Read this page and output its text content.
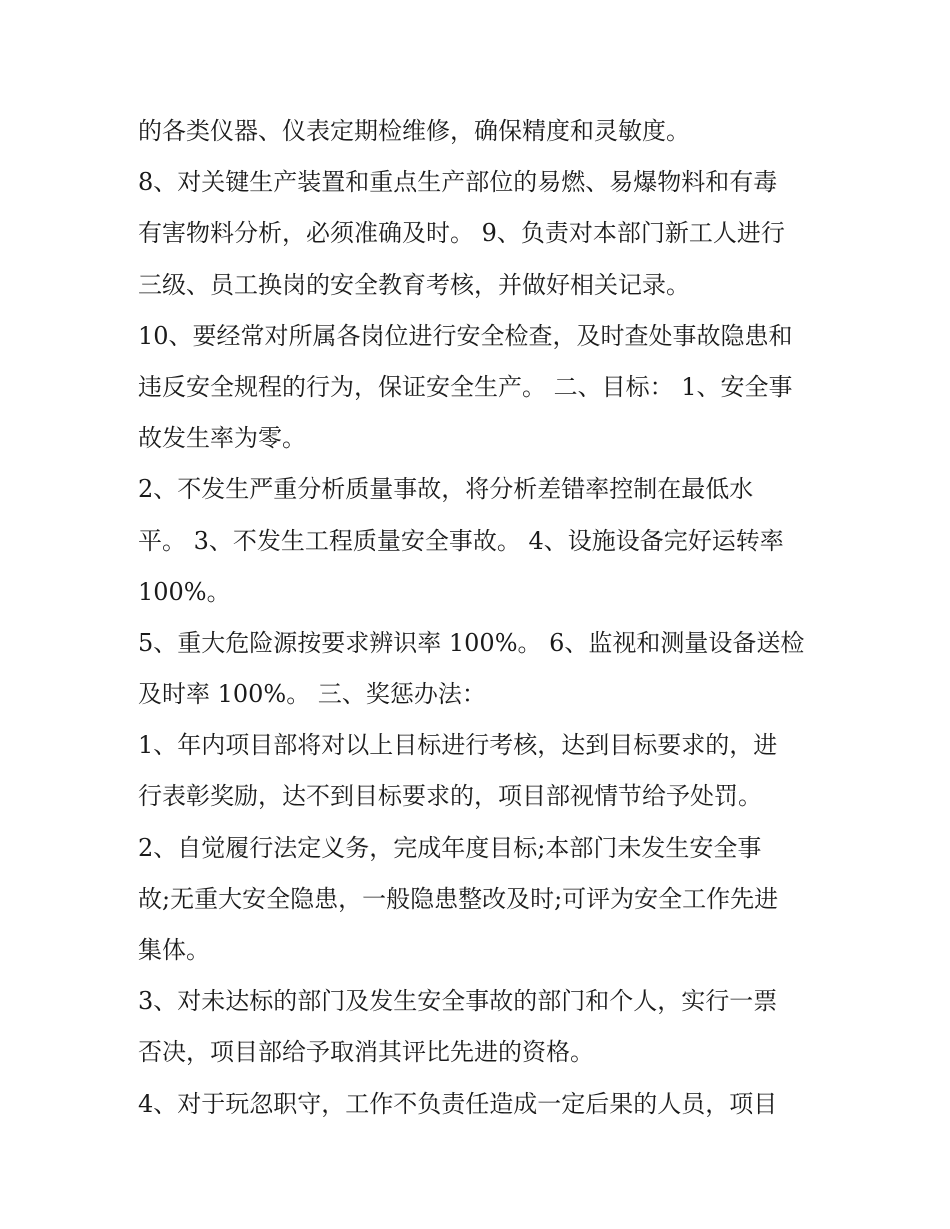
的各类仪器、仪表定期检维修，确保精度和灵敏度。
8、对关键生产装置和重点生产部位的易燃、易爆物料和有毒
有害物料分析，必须准确及时。 9、负责对本部门新工人进行
三级、员工换岗的安全教育考核，并做好相关记录。
10、要经常对所属各岗位进行安全检查，及时查处事故隐患和
违反安全规程的行为，保证安全生产。 二、目标： 1、安全事
故发生率为零。
2、不发生严重分析质量事故，将分析差错率控制在最低水
平。 3、不发生工程质量安全事故。 4、设施设备完好运转率
100%。
5、重大危险源按要求辨识率 100%。 6、监视和测量设备送检
及时率 100%。 三、奖惩办法：
1、年内项目部将对以上目标进行考核，达到目标要求的，进
行表彰奖励，达不到目标要求的，项目部视情节给予处罚。
2、自觉履行法定义务，完成年度目标;本部门未发生安全事
故;无重大安全隐患，一般隐患整改及时;可评为安全工作先进
集体。
3、对未达标的部门及发生安全事故的部门和个人，实行一票
否决，项目部给予取消其评比先进的资格。
4、对于玩忽职守，工作不负责任造成一定后果的人员，项目
